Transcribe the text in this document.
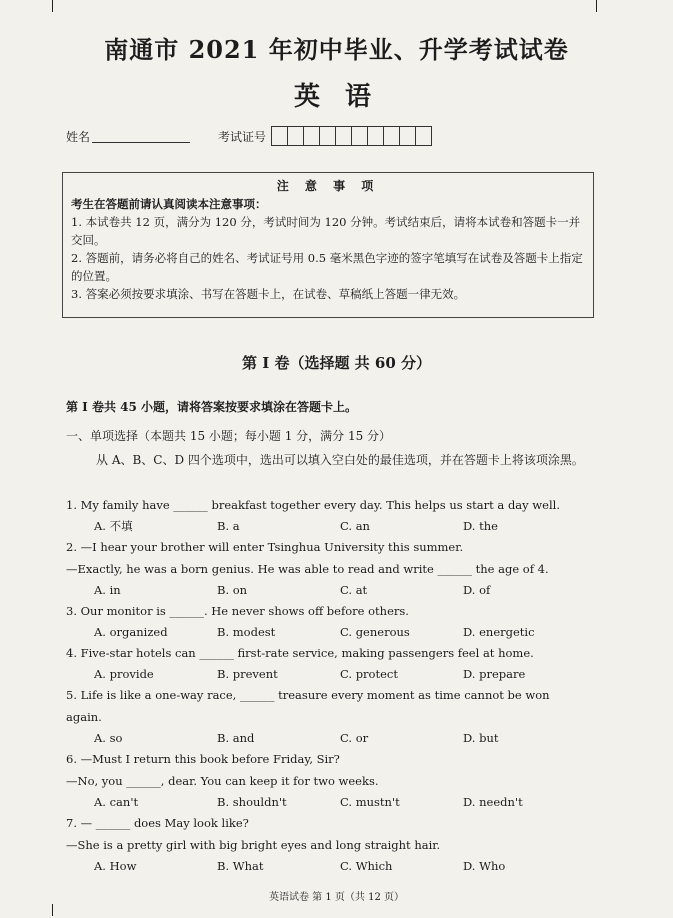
南通市 2021 年初中毕业、升学考试试卷
英 语
姓名	考试证号
注 意 事 项
考生在答题前请认真阅读本注意事项：
1. 本试卷共 12 页，满分为 120 分，考试时间为 120 分钟。考试结束后，请将本试卷和答题卡一并交回。
2. 答题前，请务必将自己的姓名、考试证号用 0.5 毫米黑色字迹的签字笔填写在试卷及答题卡上指定的位置。
3. 答案必须按要求填涂、书写在答题卡上，在试卷、草稿纸上答题一律无效。
第 I 卷（选择题 共 60 分）
第 I 卷共 45 小题，请将答案按要求填涂在答题卡上。
一、单项选择（本题共 15 小题；每小题 1 分，满分 15 分）
从 A、B、C、D 四个选项中，选出可以填入空白处的最佳选项，并在答题卡上将该项涂黑。
1. My family have ______ breakfast together every day. This helps us start a day well.
A. 不填	B. a	C. an	D. the
2. —I hear your brother will enter Tsinghua University this summer.
—Exactly, he was a born genius. He was able to read and write ______ the age of 4.
A. in	B. on	C. at	D. of
3. Our monitor is ______. He never shows off before others.
A. organized	B. modest	C. generous	D. energetic
4. Five-star hotels can ______ first-rate service, making passengers feel at home.
A. provide	B. prevent	C. protect	D. prepare
5. Life is like a one-way race, ______ treasure every moment as time cannot be won again.
A. so	B. and	C. or	D. but
6. —Must I return this book before Friday, Sir?
—No, you ______, dear. You can keep it for two weeks.
A. can't	B. shouldn't	C. mustn't	D. needn't
7. — ______ does May look like?
—She is a pretty girl with big bright eyes and long straight hair.
A. How	B. What	C. Which	D. Who
英语试卷 第 1 页（共 12 页）
